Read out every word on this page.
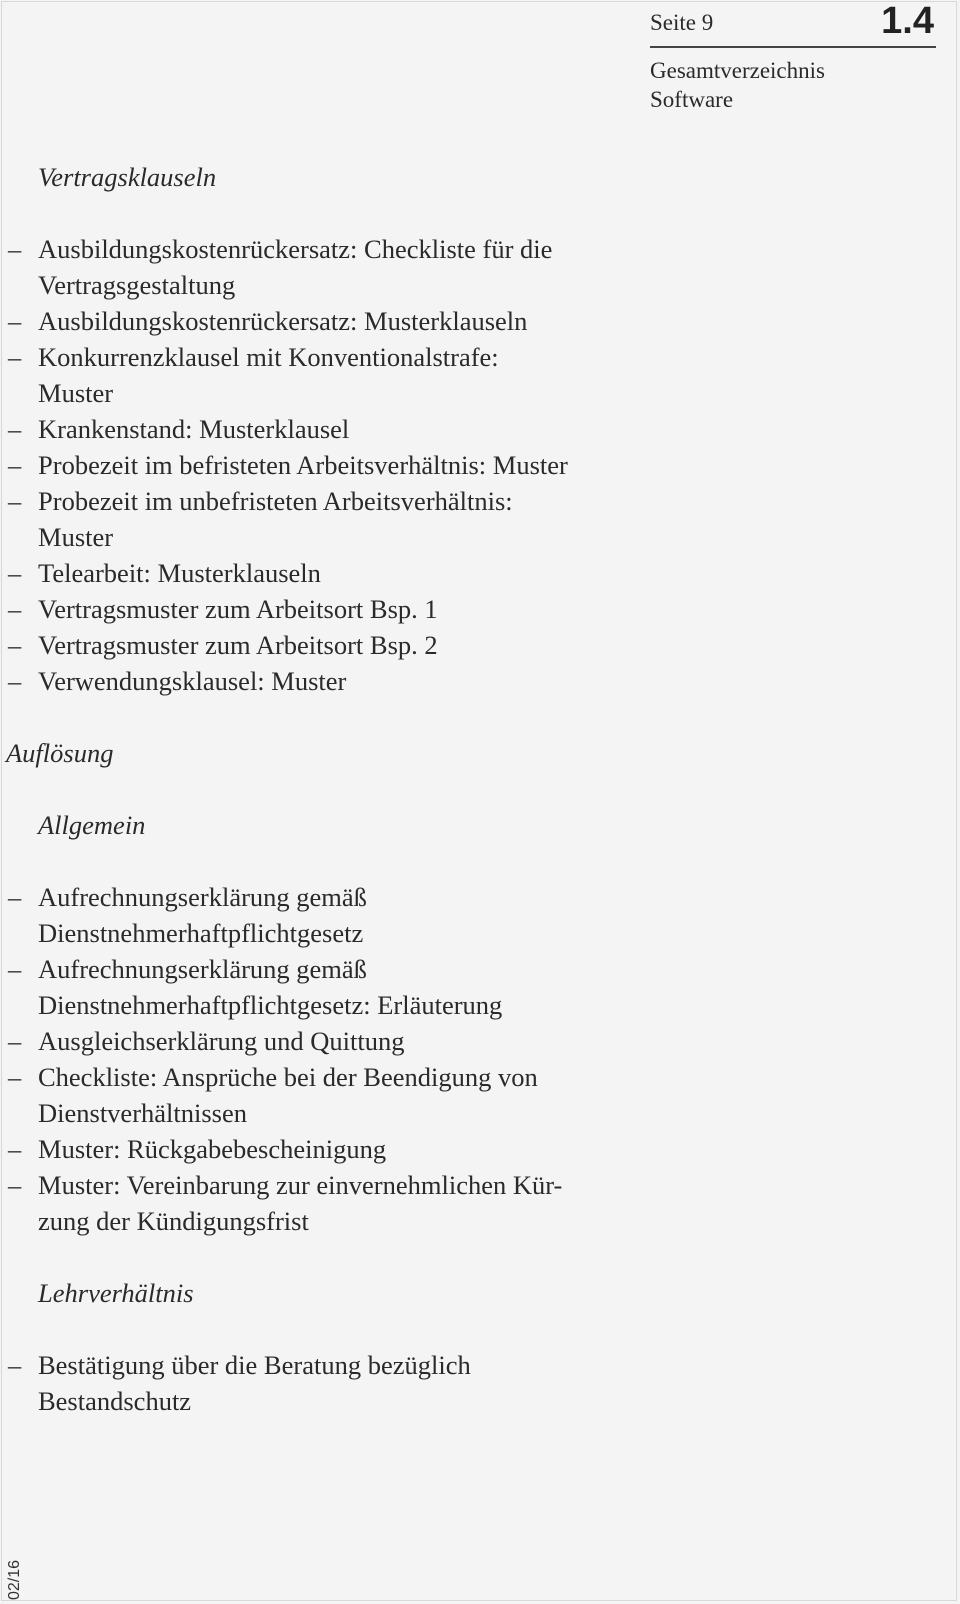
Seite 9	1.4
Gesamtverzeichnis
Software
Vertragsklauseln
– Ausbildungskostenrückersatz: Checkliste für die
Vertragsgestaltung
– Ausbildungskostenrückersatz: Musterklauseln
– Konkurrenzklausel mit Konventionalstrafe:
Muster
– Krankenstand: Musterklausel
– Probezeit im befristeten Arbeitsverhältnis: Muster
– Probezeit im unbefristeten Arbeitsverhältnis:
Muster
– Telearbeit: Musterklauseln
– Vertragsmuster zum Arbeitsort Bsp. 1
– Vertragsmuster zum Arbeitsort Bsp. 2
– Verwendungsklausel: Muster
Auflösung
Allgemein
– Aufrechnungserklärung gemäß
Dienstnehmerhaftpflichtgesetz
– Aufrechnungserklärung gemäß
Dienstnehmerhaftpflichtgesetz: Erläuterung
– Ausgleichserklärung und Quittung
– Checkliste: Ansprüche bei der Beendigung von
Dienstverhältnissen
– Muster: Rückgabebescheinigung
– Muster: Vereinbarung zur einvernehmlichen Kür-
zung der Kündigungsfrist
Lehrverhältnis
– Bestätigung über die Beratung bezüglich
Bestandschutz
02/16
